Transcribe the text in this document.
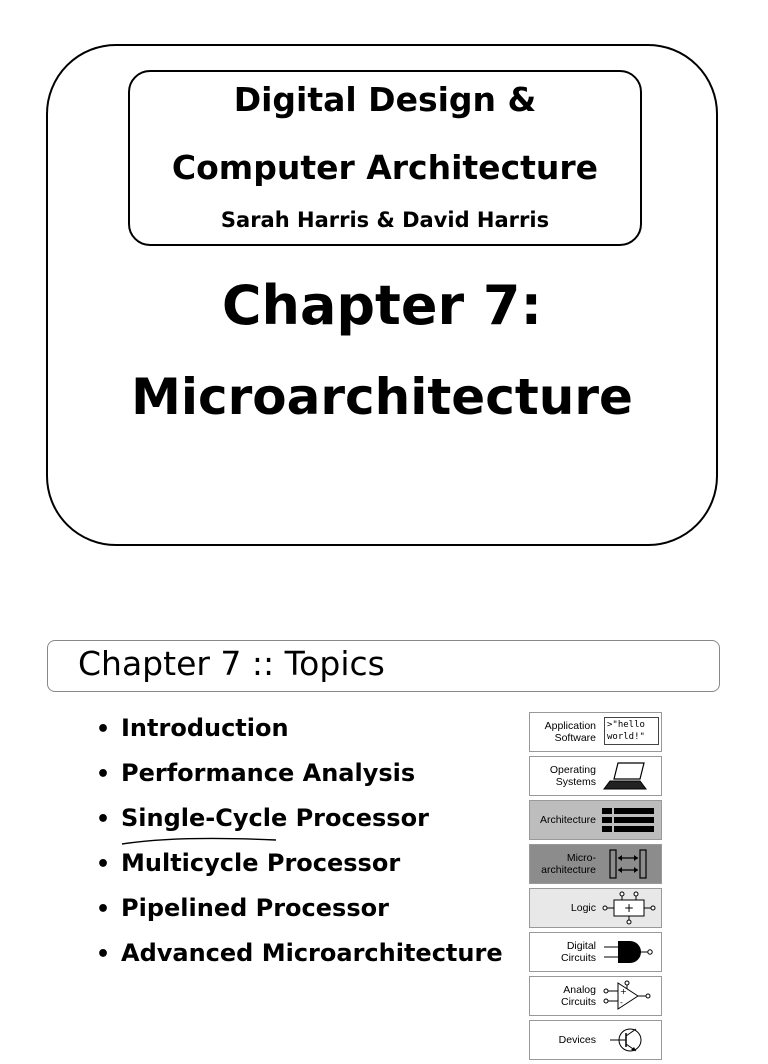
Digital Design &
Computer Architecture
Sarah Harris & David Harris
Chapter 7:
Microarchitecture
Chapter 7 :: Topics
• Introduction
• Performance Analysis
• Single-Cycle Processor
• Multicycle Processor
• Pipelined Processor
• Advanced Microarchitecture
Application Software
>"hello
world!"
Operating Systems
Architecture
Micro-architecture
Logic +
Digital Circuits
Analog Circuits
+
-
Devices
